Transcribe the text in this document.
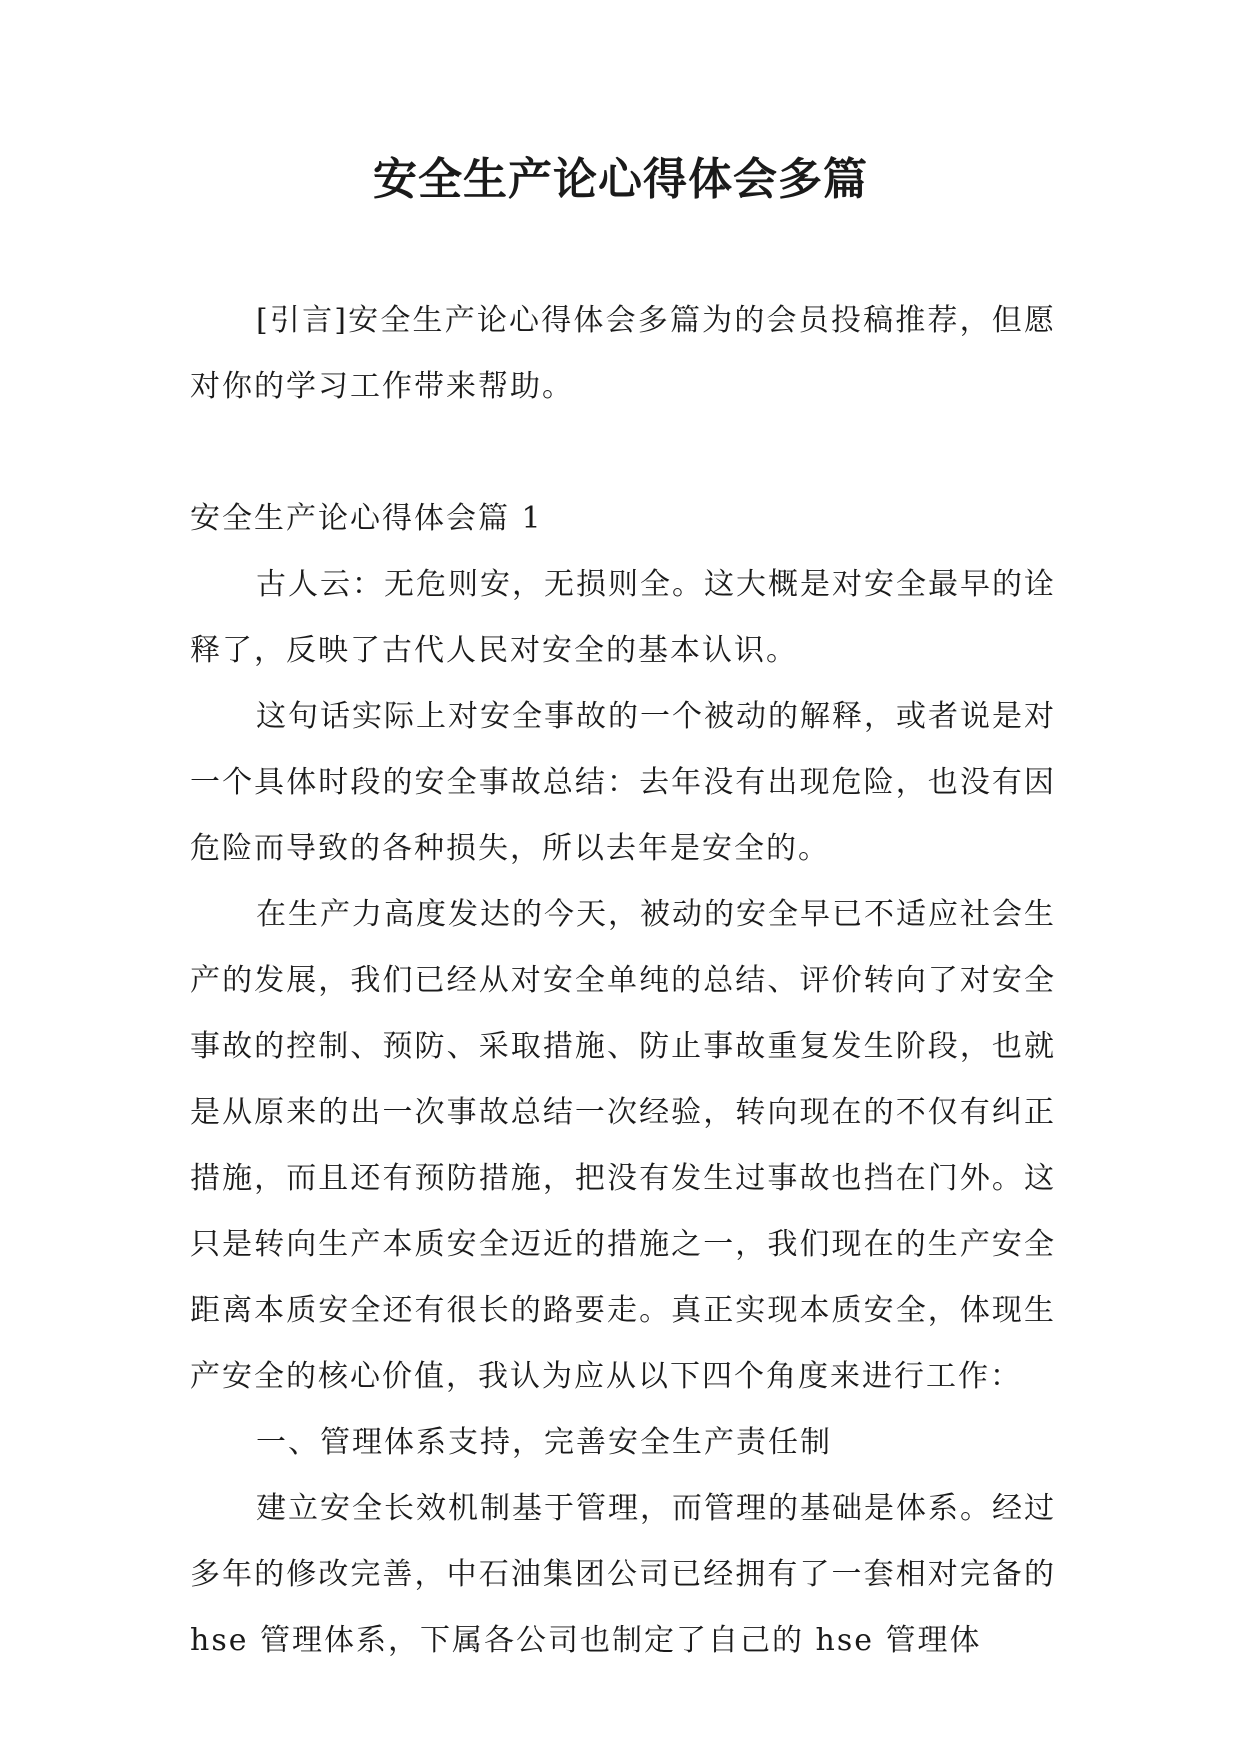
安全生产论心得体会多篇

[引言]安全生产论心得体会多篇为的会员投稿推荐，但愿对你的学习工作带来帮助。

安全生产论心得体会篇 1

古人云：无危则安，无损则全。这大概是对安全最早的诠释了，反映了古代人民对安全的基本认识。

这句话实际上对安全事故的一个被动的解释，或者说是对一个具体时段的安全事故总结：去年没有出现危险，也没有因危险而导致的各种损失，所以去年是安全的。

在生产力高度发达的今天，被动的安全早已不适应社会生产的发展，我们已经从对安全单纯的总结、评价转向了对安全事故的控制、预防、采取措施、防止事故重复发生阶段，也就是从原来的出一次事故总结一次经验，转向现在的不仅有纠正措施，而且还有预防措施，把没有发生过事故也挡在门外。这只是转向生产本质安全迈近的措施之一，我们现在的生产安全距离本质安全还有很长的路要走。真正实现本质安全，体现生产安全的核心价值，我认为应从以下四个角度来进行工作：

一、管理体系支持，完善安全生产责任制

建立安全长效机制基于管理，而管理的基础是体系。经过多年的修改完善，中石油集团公司已经拥有了一套相对完备的 hse 管理体系，下属各公司也制定了自己的 hse 管理体
